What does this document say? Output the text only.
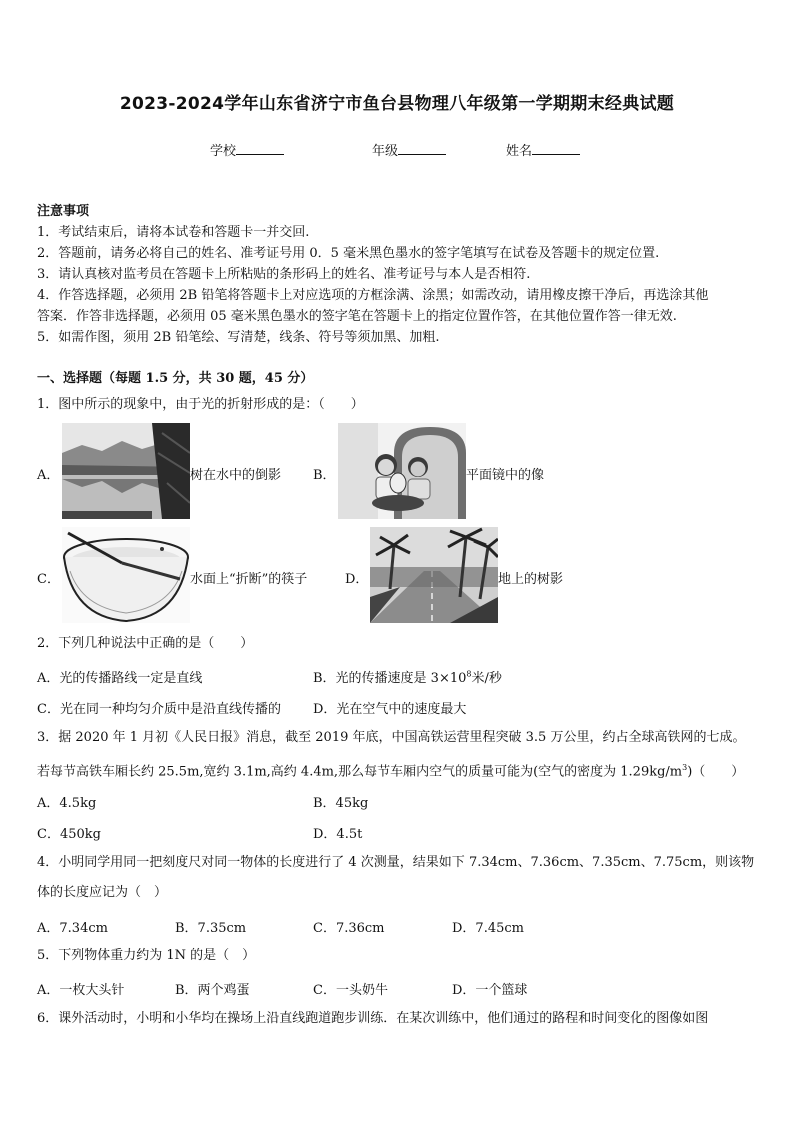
2023-2024学年山东省济宁市鱼台县物理八年级第一学期期末经典试题
学校	年级	姓名
注意事项
1．考试结束后，请将本试卷和答题卡一并交回.
2．答题前，请务必将自己的姓名、准考证号用 0．5 毫米黑色墨水的签字笔填写在试卷及答题卡的规定位置.
3．请认真核对监考员在答题卡上所粘贴的条形码上的姓名、准考证号与本人是否相符.
4．作答选择题，必须用 2B 铅笔将答题卡上对应选项的方框涂满、涂黑；如需改动，请用橡皮擦干净后，再选涂其他
答案．作答非选择题，必须用 05 毫米黑色墨水的签字笔在答题卡上的指定位置作答，在其他位置作答一律无效.
5．如需作图，须用 2B 铅笔绘、写清楚，线条、符号等须加黑、加粗.
一、选择题（每题 1.5 分，共 30 题，45 分）
1．图中所示的现象中，由于光的折射形成的是：（　　）
A．	树在水中的倒影 B．	平面镜中的像
C．	水面上“折断”的筷子	D．	地上的树影
2．下列几种说法中正确的是（　　）
A．光的传播路线一定是直线	B．光的传播速度是 $3\times 10^8$米/秒
C．光在同一种均匀介质中是沿直线传播的 D．光在空气中的速度最大
3．据 2020 年 1 月初《人民日报》消息，截至 2019 年底，中国高铁运营里程突破 3.5 万公里，约占全球高铁网的七成。
若每节高铁车厢长约 25.5m,宽约 3.1m,高约 4.4m,那么每节车厢内空气的质量可能为(空气的密度为 $1.29kg/m^3$)（　　）
A．4.5kg	B．45kg
C．450kg	D．4.5t
4．小明同学用同一把刻度尺对同一物体的长度进行了 4 次测量，结果如下 7.34cm、7.36cm、7.35cm、7.75cm，则该物
体的长度应记为（　）
A．7.34cm	B．7.35cm	C．7.36cm	D．7.45cm
5．下列物体重力约为 1N 的是（　）
A．一枚大头针	B．两个鸡蛋	C．一头奶牛	D．一个篮球
6．课外活动时，小明和小华均在操场上沿直线跑道跑步训练．在某次训练中，他们通过的路程和时间变化的图像如图
